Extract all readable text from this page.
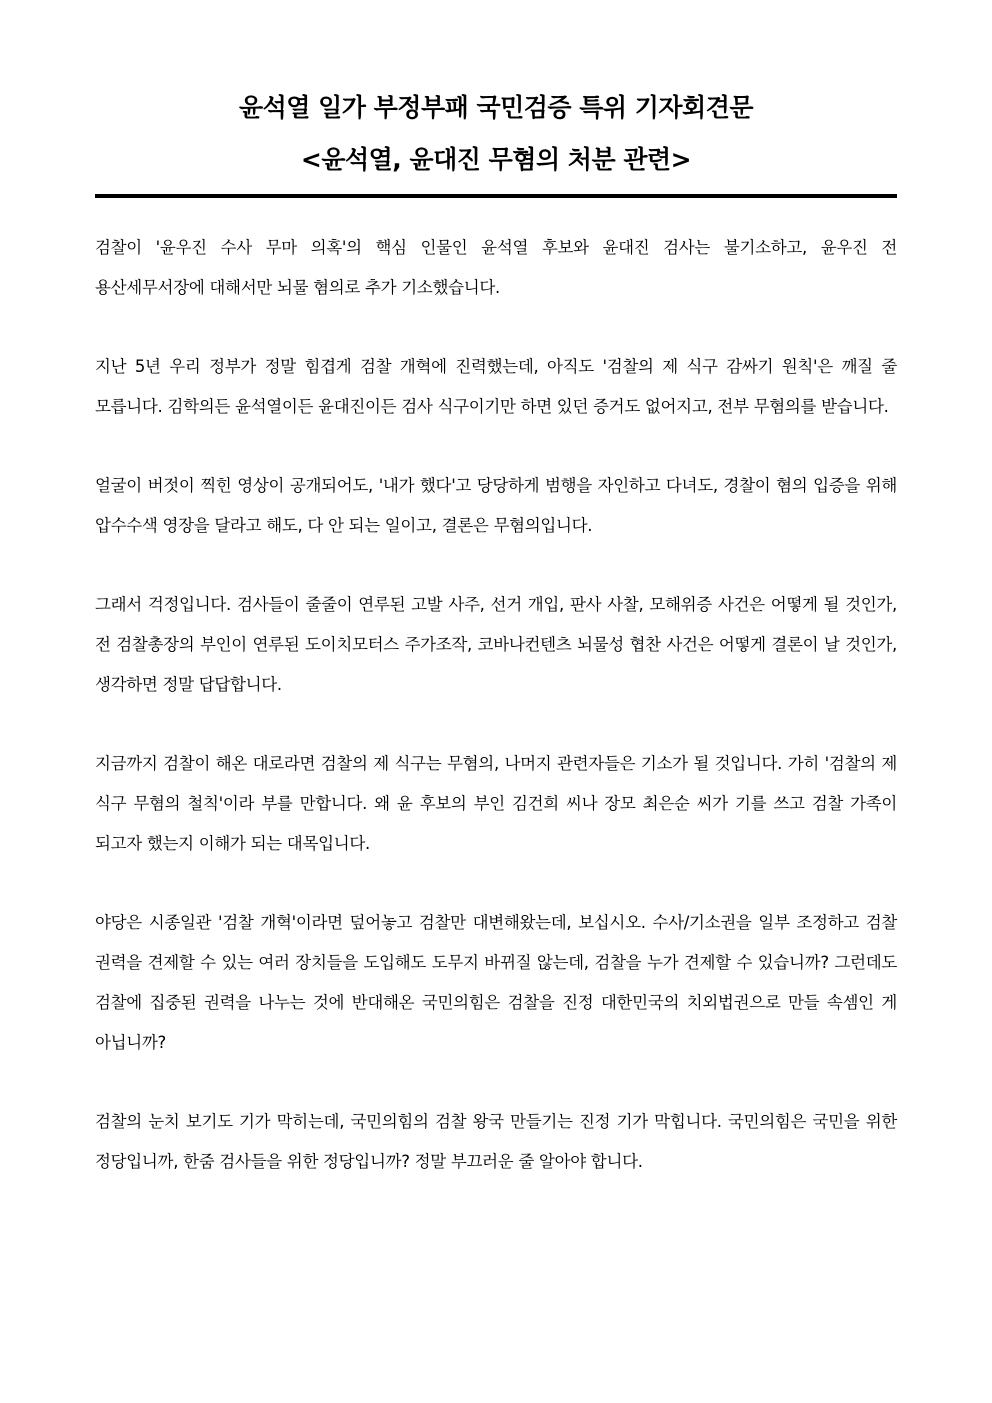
윤석열 일가 부정부패 국민검증 특위 기자회견문
<윤석열, 윤대진 무혐의 처분 관련>

검찰이 '윤우진 수사 무마 의혹'의 핵심 인물인 윤석열 후보와 윤대진 검사는 불기소하고, 윤우진 전 용산세무서장에 대해서만 뇌물 혐의로 추가 기소했습니다.

지난 5년 우리 정부가 정말 힘겹게 검찰 개혁에 진력했는데, 아직도 '검찰의 제 식구 감싸기 원칙'은 깨질 줄 모릅니다. 김학의든 윤석열이든 윤대진이든 검사 식구이기만 하면 있던 증거도 없어지고, 전부 무혐의를 받습니다.

얼굴이 버젓이 찍힌 영상이 공개되어도, '내가 했다'고 당당하게 범행을 자인하고 다녀도, 경찰이 혐의 입증을 위해 압수수색 영장을 달라고 해도, 다 안 되는 일이고, 결론은 무혐의입니다.

그래서 걱정입니다. 검사들이 줄줄이 연루된 고발 사주, 선거 개입, 판사 사찰, 모해위증 사건은 어떻게 될 것인가, 전 검찰총장의 부인이 연루된 도이치모터스 주가조작, 코바나컨텐츠 뇌물성 협찬 사건은 어떻게 결론이 날 것인가, 생각하면 정말 답답합니다.

지금까지 검찰이 해온 대로라면 검찰의 제 식구는 무혐의, 나머지 관련자들은 기소가 될 것입니다. 가히 '검찰의 제 식구 무혐의 철칙'이라 부를 만합니다. 왜 윤 후보의 부인 김건희 씨나 장모 최은순 씨가 기를 쓰고 검찰 가족이 되고자 했는지 이해가 되는 대목입니다.

야당은 시종일관 '검찰 개혁'이라면 덮어놓고 검찰만 대변해왔는데, 보십시오. 수사/기소권을 일부 조정하고 검찰 권력을 견제할 수 있는 여러 장치들을 도입해도 도무지 바뀌질 않는데, 검찰을 누가 견제할 수 있습니까? 그런데도 검찰에 집중된 권력을 나누는 것에 반대해온 국민의힘은 검찰을 진정 대한민국의 치외법권으로 만들 속셈인 게 아닙니까?

검찰의 눈치 보기도 기가 막히는데, 국민의힘의 검찰 왕국 만들기는 진정 기가 막힙니다. 국민의힘은 국민을 위한 정당입니까, 한줌 검사들을 위한 정당입니까? 정말 부끄러운 줄 알아야 합니다.
